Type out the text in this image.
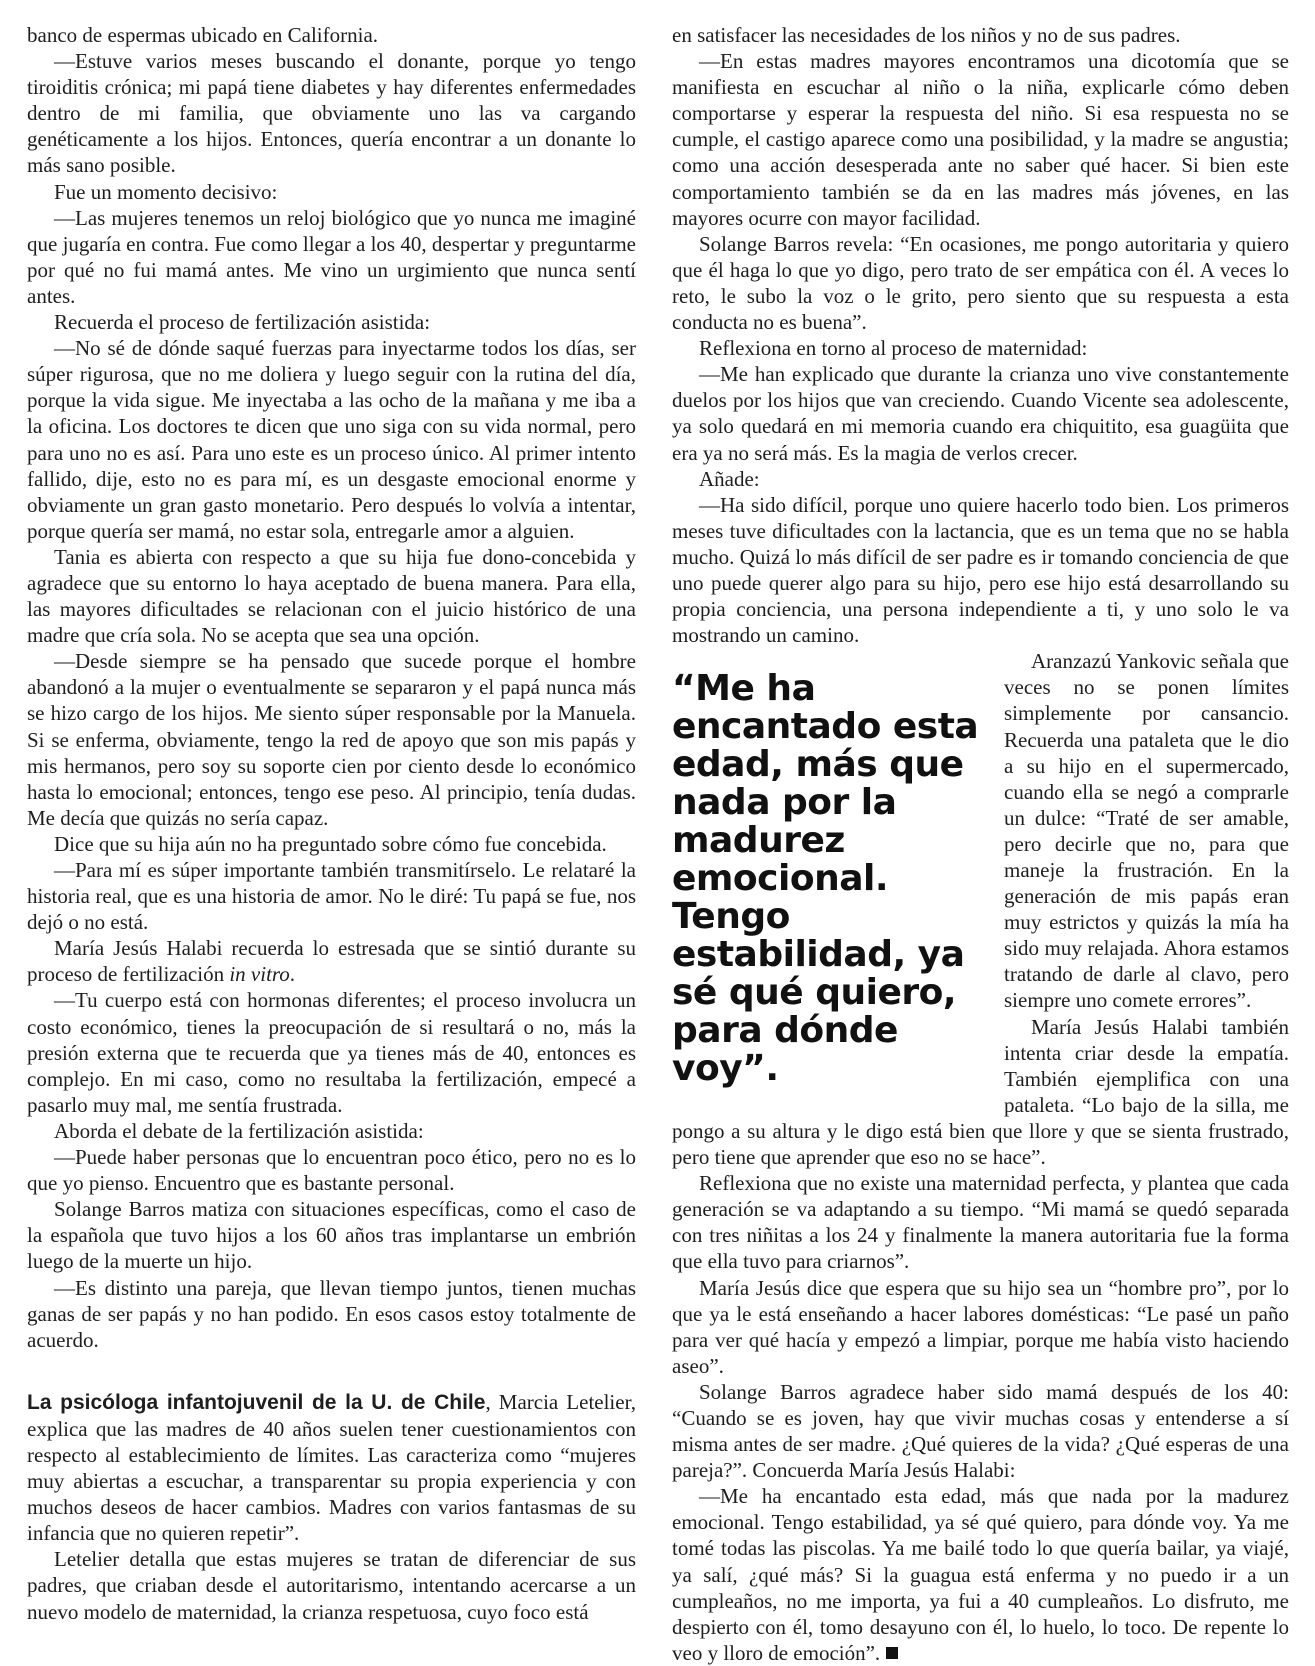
banco de espermas ubicado en California.

—Estuve varios meses buscando el donante, porque yo tengo tiroiditis crónica; mi papá tiene diabetes y hay diferentes enfermedades dentro de mi familia, que obviamente uno las va cargando genéticamente a los hijos. Entonces, quería encontrar a un donante lo más sano posible.

Fue un momento decisivo:

—Las mujeres tenemos un reloj biológico que yo nunca me imaginé que jugaría en contra. Fue como llegar a los 40, despertar y preguntarme por qué no fui mamá antes. Me vino un urgimiento que nunca sentí antes.

Recuerda el proceso de fertilización asistida:

—No sé de dónde saqué fuerzas para inyectarme todos los días, ser súper rigurosa, que no me doliera y luego seguir con la rutina del día, porque la vida sigue. Me inyectaba a las ocho de la mañana y me iba a la oficina. Los doctores te dicen que uno siga con su vida normal, pero para uno no es así. Para uno este es un proceso único. Al primer intento fallido, dije, esto no es para mí, es un desgaste emocional enorme y obviamente un gran gasto monetario. Pero después lo volvía a intentar, porque quería ser mamá, no estar sola, entregarle amor a alguien.

Tania es abierta con respecto a que su hija fue dono-concebida y agradece que su entorno lo haya aceptado de buena manera. Para ella, las mayores dificultades se relacionan con el juicio histórico de una madre que cría sola. No se acepta que sea una opción.

—Desde siempre se ha pensado que sucede porque el hombre abandonó a la mujer o eventualmente se separaron y el papá nunca más se hizo cargo de los hijos. Me siento súper responsable por la Manuela. Si se enferma, obviamente, tengo la red de apoyo que son mis papás y mis hermanos, pero soy su soporte cien por ciento desde lo económico hasta lo emocional; entonces, tengo ese peso. Al principio, tenía dudas. Me decía que quizás no sería capaz.

Dice que su hija aún no ha preguntado sobre cómo fue concebida.

—Para mí es súper importante también transmitírselo. Le relataré la historia real, que es una historia de amor. No le diré: Tu papá se fue, nos dejó o no está.

María Jesús Halabi recuerda lo estresada que se sintió durante su proceso de fertilización in vitro.

—Tu cuerpo está con hormonas diferentes; el proceso involucra un costo económico, tienes la preocupación de si resultará o no, más la presión externa que te recuerda que ya tienes más de 40, entonces es complejo. En mi caso, como no resultaba la fertilización, empecé a pasarlo muy mal, me sentía frustrada.

Aborda el debate de la fertilización asistida:

—Puede haber personas que lo encuentran poco ético, pero no es lo que yo pienso. Encuentro que es bastante personal.

Solange Barros matiza con situaciones específicas, como el caso de la española que tuvo hijos a los 60 años tras implantarse un embrión luego de la muerte un hijo.

—Es distinto una pareja, que llevan tiempo juntos, tienen muchas ganas de ser papás y no han podido. En esos casos estoy totalmente de acuerdo.

La psicóloga infantojuvenil de la U. de Chile, Marcia Letelier, explica que las madres de 40 años suelen tener cuestionamientos con respecto al establecimiento de límites. Las caracteriza como “mujeres muy abiertas a escuchar, a transparentar su propia experiencia y con muchos deseos de hacer cambios. Madres con varios fantasmas de su infancia que no quieren repetir”.

Letelier detalla que estas mujeres se tratan de diferenciar de sus padres, que criaban desde el autoritarismo, intentando acercarse a un nuevo modelo de maternidad, la crianza respetuosa, cuyo foco está

en satisfacer las necesidades de los niños y no de sus padres.

—En estas madres mayores encontramos una dicotomía que se manifiesta en escuchar al niño o la niña, explicarle cómo deben comportarse y esperar la respuesta del niño. Si esa respuesta no se cumple, el castigo aparece como una posibilidad, y la madre se angustia; como una acción desesperada ante no saber qué hacer. Si bien este comportamiento también se da en las madres más jóvenes, en las mayores ocurre con mayor facilidad.

Solange Barros revela: “En ocasiones, me pongo autoritaria y quiero que él haga lo que yo digo, pero trato de ser empática con él. A veces lo reto, le subo la voz o le grito, pero siento que su respuesta a esta conducta no es buena”.

Reflexiona en torno al proceso de maternidad:

—Me han explicado que durante la crianza uno vive constantemente duelos por los hijos que van creciendo. Cuando Vicente sea adolescente, ya solo quedará en mi memoria cuando era chiquitito, esa guagüita que era ya no será más. Es la magia de verlos crecer.

Añade:

—Ha sido difícil, porque uno quiere hacerlo todo bien. Los primeros meses tuve dificultades con la lactancia, que es un tema que no se habla mucho. Quizá lo más difícil de ser padre es ir tomando conciencia de que uno puede querer algo para su hijo, pero ese hijo está desarrollando su propia conciencia, una persona independiente a ti, y uno solo le va mostrando un camino.

“Me ha encantado esta edad, más que nada por la madurez emocional. Tengo estabilidad, ya sé qué quiero, para dónde voy”.

Aranzazú Yankovic señala que veces no se ponen límites simplemente por cansancio. Recuerda una pataleta que le dio a su hijo en el supermercado, cuando ella se negó a comprarle un dulce: “Traté de ser amable, pero decirle que no, para que maneje la frustración. En la generación de mis papás eran muy estrictos y quizás la mía ha sido muy relajada. Ahora estamos tratando de darle al clavo, pero siempre uno comete errores”.

María Jesús Halabi también intenta criar desde la empatía. También ejemplifica con una pataleta. “Lo bajo de la silla, me pongo a su altura y le digo está bien que llore y que se sienta frustrado, pero tiene que aprender que eso no se hace”.

Reflexiona que no existe una maternidad perfecta, y plantea que cada generación se va adaptando a su tiempo. “Mi mamá se quedó separada con tres niñitas a los 24 y finalmente la manera autoritaria fue la forma que ella tuvo para criarnos”.

María Jesús dice que espera que su hijo sea un “hombre pro”, por lo que ya le está enseñando a hacer labores domésticas: “Le pasé un paño para ver qué hacía y empezó a limpiar, porque me había visto haciendo aseo”.

Solange Barros agradece haber sido mamá después de los 40: “Cuando se es joven, hay que vivir muchas cosas y entenderse a sí misma antes de ser madre. ¿Qué quieres de la vida? ¿Qué esperas de una pareja?”. Concuerda María Jesús Halabi:

—Me ha encantado esta edad, más que nada por la madurez emocional. Tengo estabilidad, ya sé qué quiero, para dónde voy. Ya me tomé todas las piscolas. Ya me bailé todo lo que quería bailar, ya viajé, ya salí, ¿qué más? Si la guagua está enferma y no puedo ir a un cumpleaños, no me importa, ya fui a 40 cumpleaños. Lo disfruto, me despierto con él, tomo desayuno con él, lo huelo, lo toco. De repente lo veo y lloro de emoción”.
